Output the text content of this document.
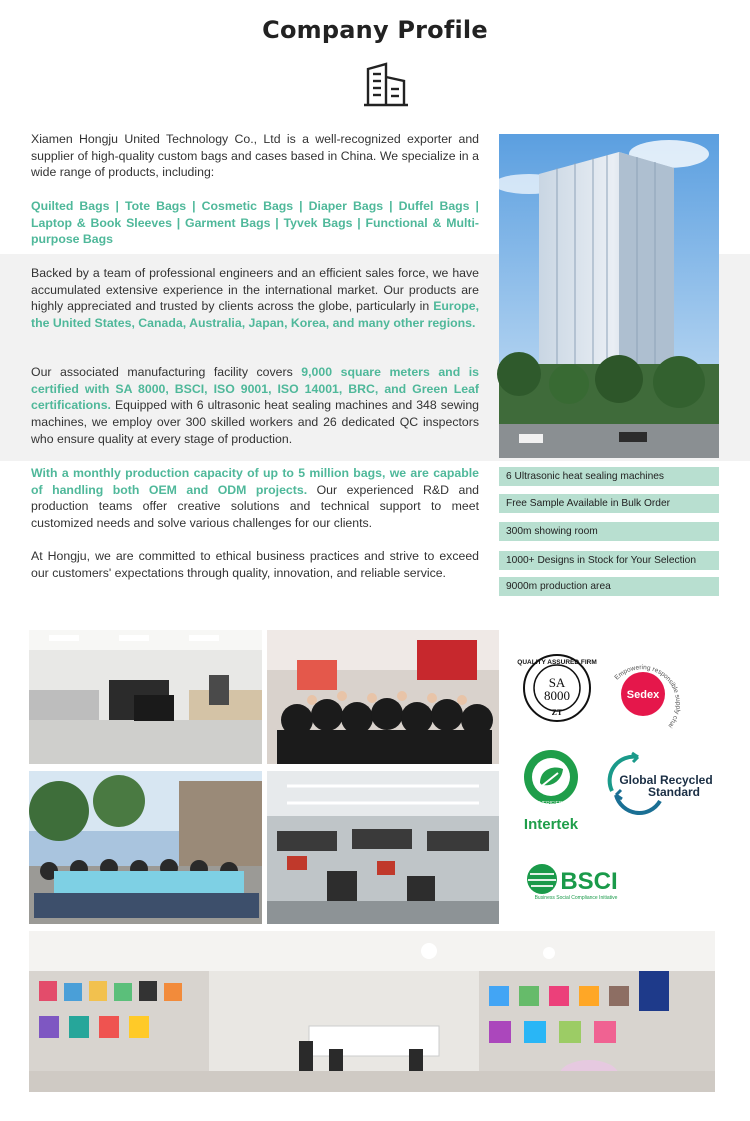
Company Profile
Xiamen Hongju United Technology Co., Ltd is a well-recognized exporter and supplier of high-quality custom bags and cases based in China. We specialize in a wide range of products, including:
Quilted Bags | Tote Bags | Cosmetic Bags | Diaper Bags | Duffel Bags | Laptop & Book Sleeves | Garment Bags | Tyvek Bags | Functional & Multi-purpose Bags
Backed by a team of professional engineers and an efficient sales force, we have accumulated extensive experience in the international market. Our products are highly appreciated and trusted by clients across the globe, particularly in Europe, the United States, Canada, Australia, Japan, Korea, and many other regions.
Our associated manufacturing facility covers 9,000 square meters and is certified with SA 8000, BSCI, ISO 9001, ISO 14001, BRC, and Green Leaf certifications. Equipped with 6 ultrasonic heat sealing machines and 348 sewing machines, we employ over 300 skilled workers and 26 dedicated QC inspectors who ensure quality at every stage of production.
With a monthly production capacity of up to 5 million bags, we are capable of handling both OEM and ODM projects. Our experienced R&D and production teams offer creative solutions and technical support to meet customized needs and solve various challenges for our clients.
At Hongju, we are committed to ethical business practices and strive to exceed our customers' expectations through quality, innovation, and reliable service.
6 Ultrasonic heat sealing machines
Free Sample Available in Bulk Order
300m showing room
1000+ Designs in Stock for Your Selection
9000m production area
QUALITY ASSURED FIRM
SA
8000
ZT
Empowering responsible supply chai
Sedex
VERIFIED
Intertek
Global Recycled
Standard
BSCI
Business Social Compliance Initiative
